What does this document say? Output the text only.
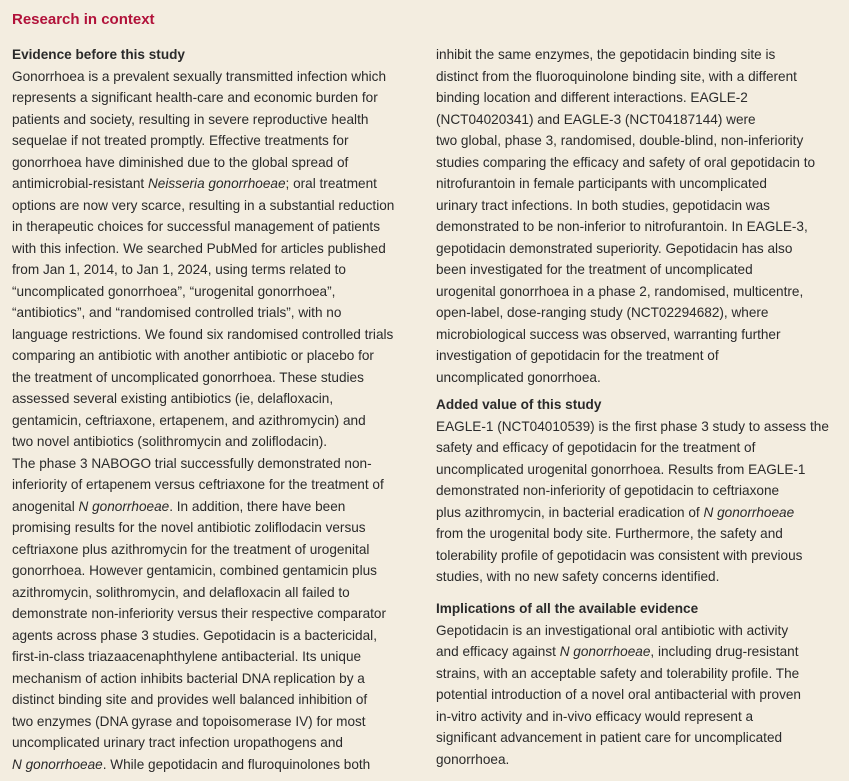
Research in context
Evidence before this study
Gonorrhoea is a prevalent sexually transmitted infection which
represents a significant health-care and economic burden for
patients and society, resulting in severe reproductive health
sequelae if not treated promptly. Effective treatments for
gonorrhoea have diminished due to the global spread of
antimicrobial-resistant Neisseria gonorrhoeae; oral treatment
options are now very scarce, resulting in a substantial reduction
in therapeutic choices for successful management of patients
with this infection. We searched PubMed for articles published
from Jan 1, 2014, to Jan 1, 2024, using terms related to
“uncomplicated gonorrhoea”, “urogenital gonorrhoea”,
“antibiotics”, and “randomised controlled trials”, with no
language restrictions. We found six randomised controlled trials
comparing an antibiotic with another antibiotic or placebo for
the treatment of uncomplicated gonorrhoea. These studies
assessed several existing antibiotics (ie, delafloxacin,
gentamicin, ceftriaxone, ertapenem, and azithromycin) and
two novel antibiotics (solithromycin and zoliflodacin).
The phase 3 NABOGO trial successfully demonstrated non-
inferiority of ertapenem versus ceftriaxone for the treatment of
anogenital N gonorrhoeae. In addition, there have been
promising results for the novel antibiotic zoliflodacin versus
ceftriaxone plus azithromycin for the treatment of urogenital
gonorrhoea. However gentamicin, combined gentamicin plus
azithromycin, solithromycin, and delafloxacin all failed to
demonstrate non-inferiority versus their respective comparator
agents across phase 3 studies. Gepotidacin is a bactericidal,
first-in-class triazaacenaphthylene antibacterial. Its unique
mechanism of action inhibits bacterial DNA replication by a
distinct binding site and provides well balanced inhibition of
two enzymes (DNA gyrase and topoisomerase IV) for most
uncomplicated urinary tract infection uropathogens and
N gonorrhoeae. While gepotidacin and fluroquinolones both
inhibit the same enzymes, the gepotidacin binding site is
distinct from the fluoroquinolone binding site, with a different
binding location and different interactions. EAGLE-2
(NCT04020341) and EAGLE-3 (NCT04187144) were
two global, phase 3, randomised, double-blind, non-inferiority
studies comparing the efficacy and safety of oral gepotidacin to
nitrofurantoin in female participants with uncomplicated
urinary tract infections. In both studies, gepotidacin was
demonstrated to be non-inferior to nitrofurantoin. In EAGLE-3,
gepotidacin demonstrated superiority. Gepotidacin has also
been investigated for the treatment of uncomplicated
urogenital gonorrhoea in a phase 2, randomised, multicentre,
open-label, dose-ranging study (NCT02294682), where
microbiological success was observed, warranting further
investigation of gepotidacin for the treatment of
uncomplicated gonorrhoea.
Added value of this study
EAGLE-1 (NCT04010539) is the first phase 3 study to assess the
safety and efficacy of gepotidacin for the treatment of
uncomplicated urogenital gonorrhoea. Results from EAGLE-1
demonstrated non-inferiority of gepotidacin to ceftriaxone
plus azithromycin, in bacterial eradication of N gonorrhoeae
from the urogenital body site. Furthermore, the safety and
tolerability profile of gepotidacin was consistent with previous
studies, with no new safety concerns identified.
Implications of all the available evidence
Gepotidacin is an investigational oral antibiotic with activity
and efficacy against N gonorrhoeae, including drug-resistant
strains, with an acceptable safety and tolerability profile. The
potential introduction of a novel oral antibacterial with proven
in-vitro activity and in-vivo efficacy would represent a
significant advancement in patient care for uncomplicated
gonorrhoea.
